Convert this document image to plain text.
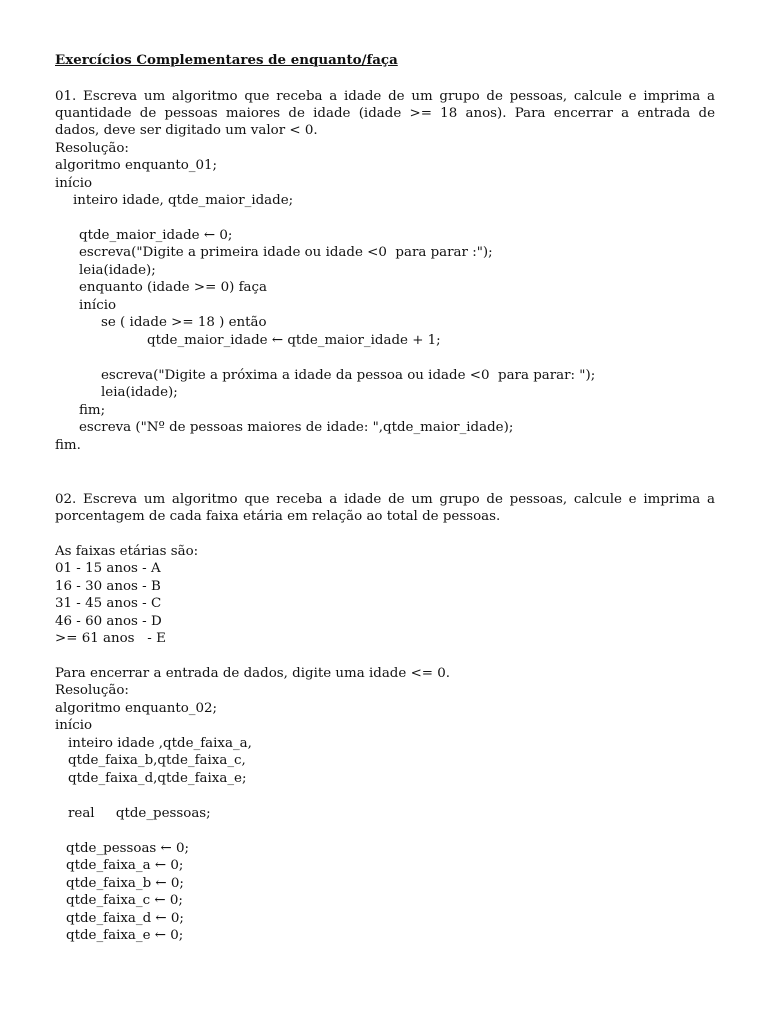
Exercícios Complementares de enquanto/faça
01. Escreva um algoritmo que receba a idade de um grupo de pessoas, calcule e imprima a
quantidade de pessoas maiores de idade (idade >= 18 anos). Para encerrar a entrada de
dados, deve ser digitado um valor < 0.
Resolução:
algoritmo enquanto_01;
início
inteiro idade, qtde_maior_idade;
qtde_maior_idade ← 0;
escreva("Digite a primeira idade ou idade <0  para parar :");
leia(idade);
enquanto (idade >= 0) faça
início
se ( idade >= 18 ) então
qtde_maior_idade ← qtde_maior_idade + 1;
escreva("Digite a próxima a idade da pessoa ou idade <0  para parar: ");
leia(idade);
fim;
escreva ("Nº de pessoas maiores de idade: ",qtde_maior_idade);
fim.
02. Escreva um algoritmo que receba a idade de um grupo de pessoas, calcule e imprima a
porcentagem de cada faixa etária em relação ao total de pessoas.
As faixas etárias são:
01 - 15 anos - A
16 - 30 anos - B
31 - 45 anos - C
46 - 60 anos - D
>= 61 anos   - E
Para encerrar a entrada de dados, digite uma idade <= 0.
Resolução:
algoritmo enquanto_02;
início
inteiro idade ,qtde_faixa_a,
qtde_faixa_b,qtde_faixa_c,
qtde_faixa_d,qtde_faixa_e;
real     qtde_pessoas;
qtde_pessoas ← 0;
qtde_faixa_a ← 0;
qtde_faixa_b ← 0;
qtde_faixa_c ← 0;
qtde_faixa_d ← 0;
qtde_faixa_e ← 0;
